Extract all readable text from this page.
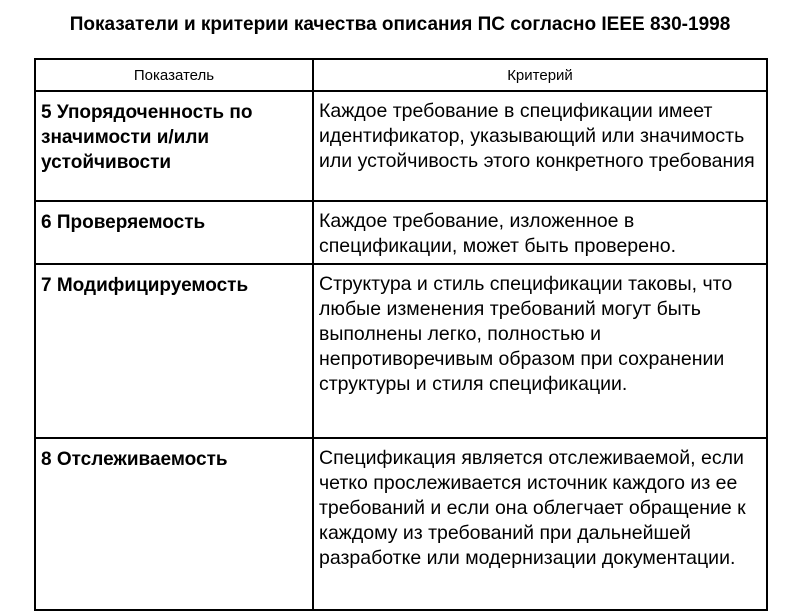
Показатели и критерии качества описания ПС согласно IEEE 830-1998
Показатель	Критерий

5 Упорядоченность по значимости и/или устойчивости	Каждое требование в спецификации имеет идентификатор, указывающий или значимость или устойчивость этого конкретного требования

6 Проверяемость	Каждое требование, изложенное в спецификации, может быть проверено.

7 Модифицируемость	Структура и стиль спецификации таковы, что любые изменения требований могут быть выполнены легко, полностью и непротиворечивым образом при сохранении структуры и стиля спецификации.

8 Отслеживаемость	Спецификация является отслеживаемой, если четко прослеживается источник каждого из ее требований и если она облегчает обращение к каждому из требований при дальнейшей разработке или модернизации документации.
